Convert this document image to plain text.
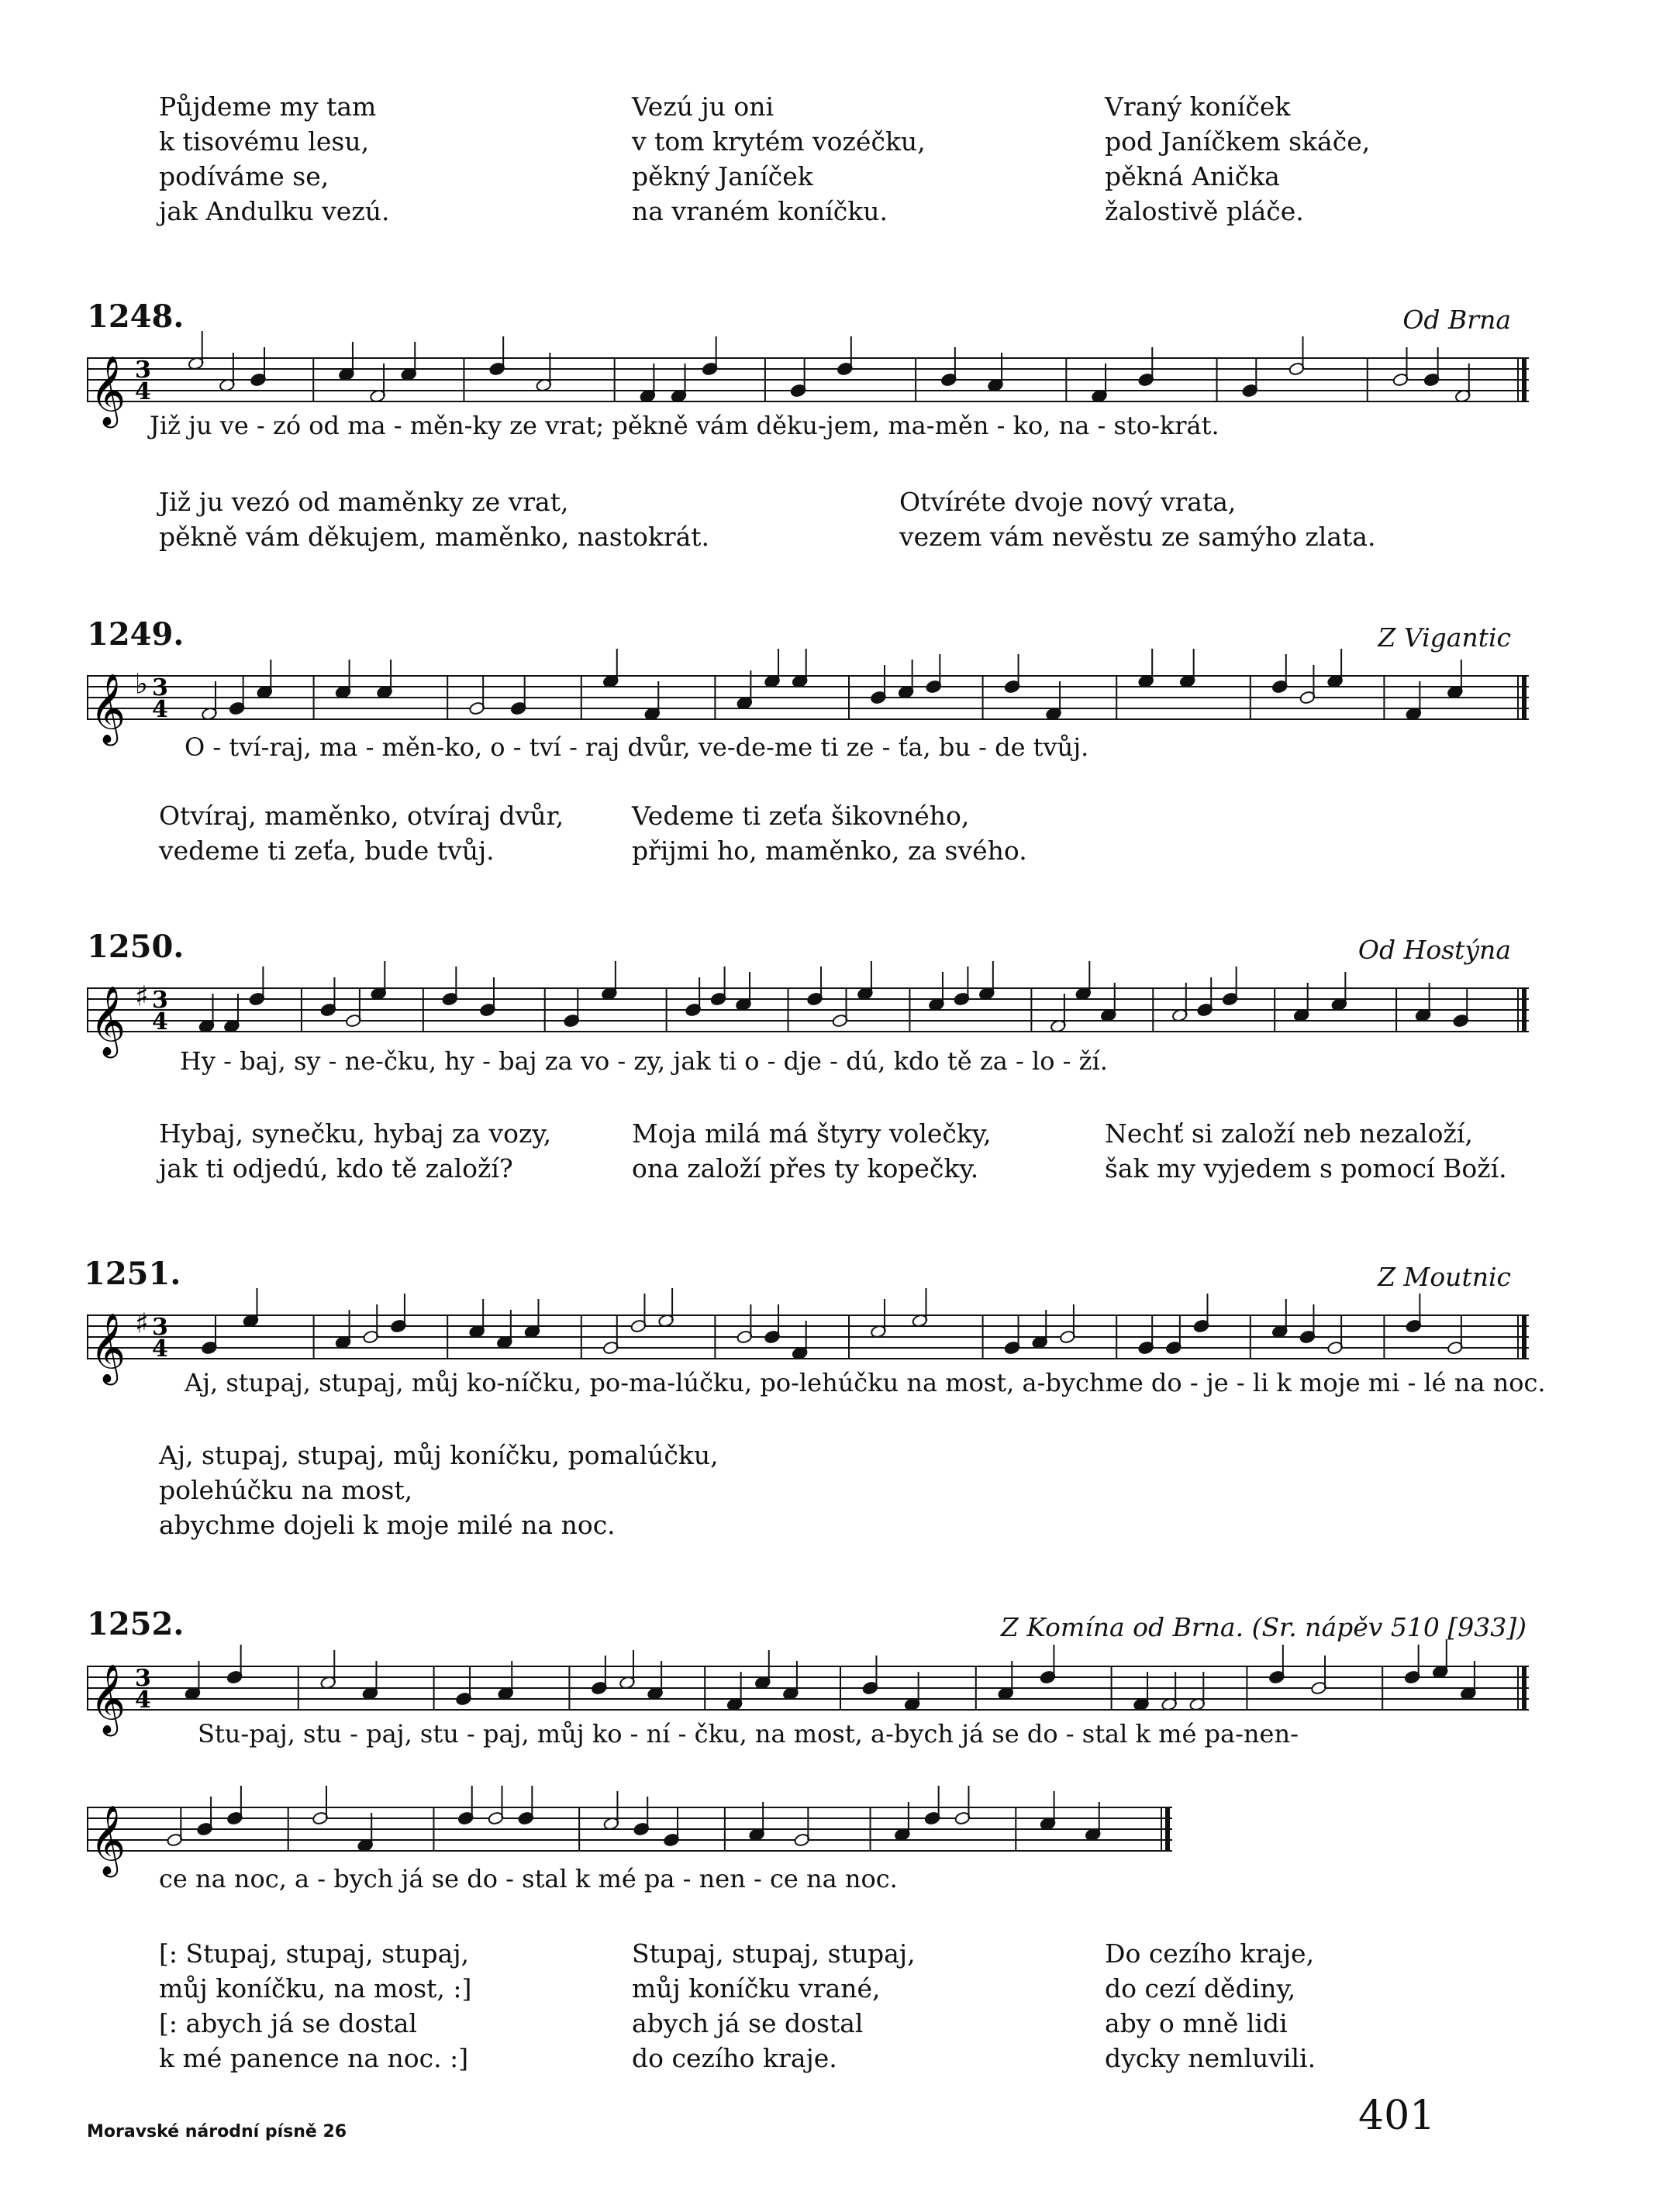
Půjdeme my tam
k tisovému lesu,
podíváme se,
jak Andulku vezú.
Vezú ju oni
v tom krytém vozéčku,
pěkný Janíček
na vraném koníčku.
Vraný koníček
pod Janíčkem skáče,
pěkná Anička
žalostivě pláče.
1248.	Od Brna
𝄞 3
4
Již ju ve - zó od ma - měn-ky ze vrat; pěkně vám děku-jem, ma-měn - ko, na - sto-krát.
Již ju vezó od maměnky ze vrat,
pěkně vám děkujem, maměnko, nastokrát.
Otvíréte dvoje nový vrata,
vezem vám nevěstu ze samýho zlata.
1249.	Z Vigantic
𝄞 ♭ 3
4
O - tví-raj, ma - měn-ko, o - tví - raj dvůr, ve-de-me ti ze - ťa, bu - de tvůj.
Otvíraj, maměnko, otvíraj dvůr,
vedeme ti zeťa, bude tvůj.
Vedeme ti zeťa šikovného,
přijmi ho, maměnko, za svého.
1250.	Od Hostýna
𝄞 ♯ 3
4
Hy - baj, sy - ne-čku, hy - baj za vo - zy, jak ti o - dje - dú, kdo tě za - lo - ží.
Hybaj, synečku, hybaj za vozy,
jak ti odjedú, kdo tě založí?
Moja milá má štyry volečky,
ona založí přes ty kopečky.
Nechť si založí neb nezaloží,
šak my vyjedem s pomocí Boží.
1251.	Z Moutnic
𝄞 ♯ 3
4
Aj, stupaj, stupaj, můj ko-níčku, po-ma-lúčku, po-lehúčku na most, a-bychme do - je - li k moje mi - lé na noc.
Aj, stupaj, stupaj, můj koníčku, pomalúčku,
polehúčku na most,
abychme dojeli k moje milé na noc.
1252.	Z Komína od Brna. (Sr. nápěv 510 [933])
𝄞 3
4
Stu-paj, stu - paj, stu - paj, můj ko - ní - čku, na most, a-bych já se do - stal k mé pa-nen-
𝄞
ce na noc, a - bych já se do - stal k mé pa - nen - ce na noc.
[: Stupaj, stupaj, stupaj,
můj koníčku, na most, :]
[: abych já se dostal
k mé panence na noc. :]
Stupaj, stupaj, stupaj,
můj koníčku vrané,
abych já se dostal
do cezího kraje.
Do cezího kraje,
do cezí dědiny,
aby o mně lidi
dycky nemluvili.
Moravské národní písně 26	401
